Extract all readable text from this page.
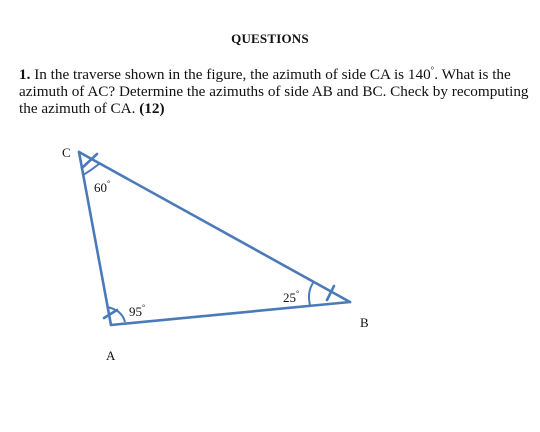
QUESTIONS
1. In the traverse shown in the figure, the azimuth of side CA is 140°. What is the
azimuth of AC? Determine the azimuths of side AB and BC. Check by recomputing
the azimuth of CA. (12)
C
A
B
60°
95°
25°
